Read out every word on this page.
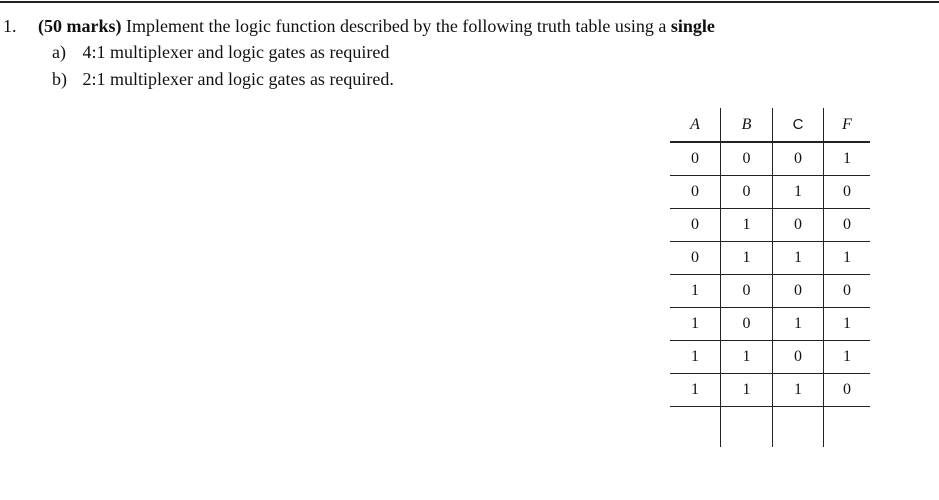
1. (50 marks) Implement the logic function described by the following truth table using a single
a) 4:1 multiplexer and logic gates as required
b) 2:1 multiplexer and logic gates as required.
A	B	C	F
0	0	0	1
0	0	1	0
0	1	0	0
0	1	1	1
1	0	0	0
1	0	1	1
1	1	0	1
1	1	1	0
